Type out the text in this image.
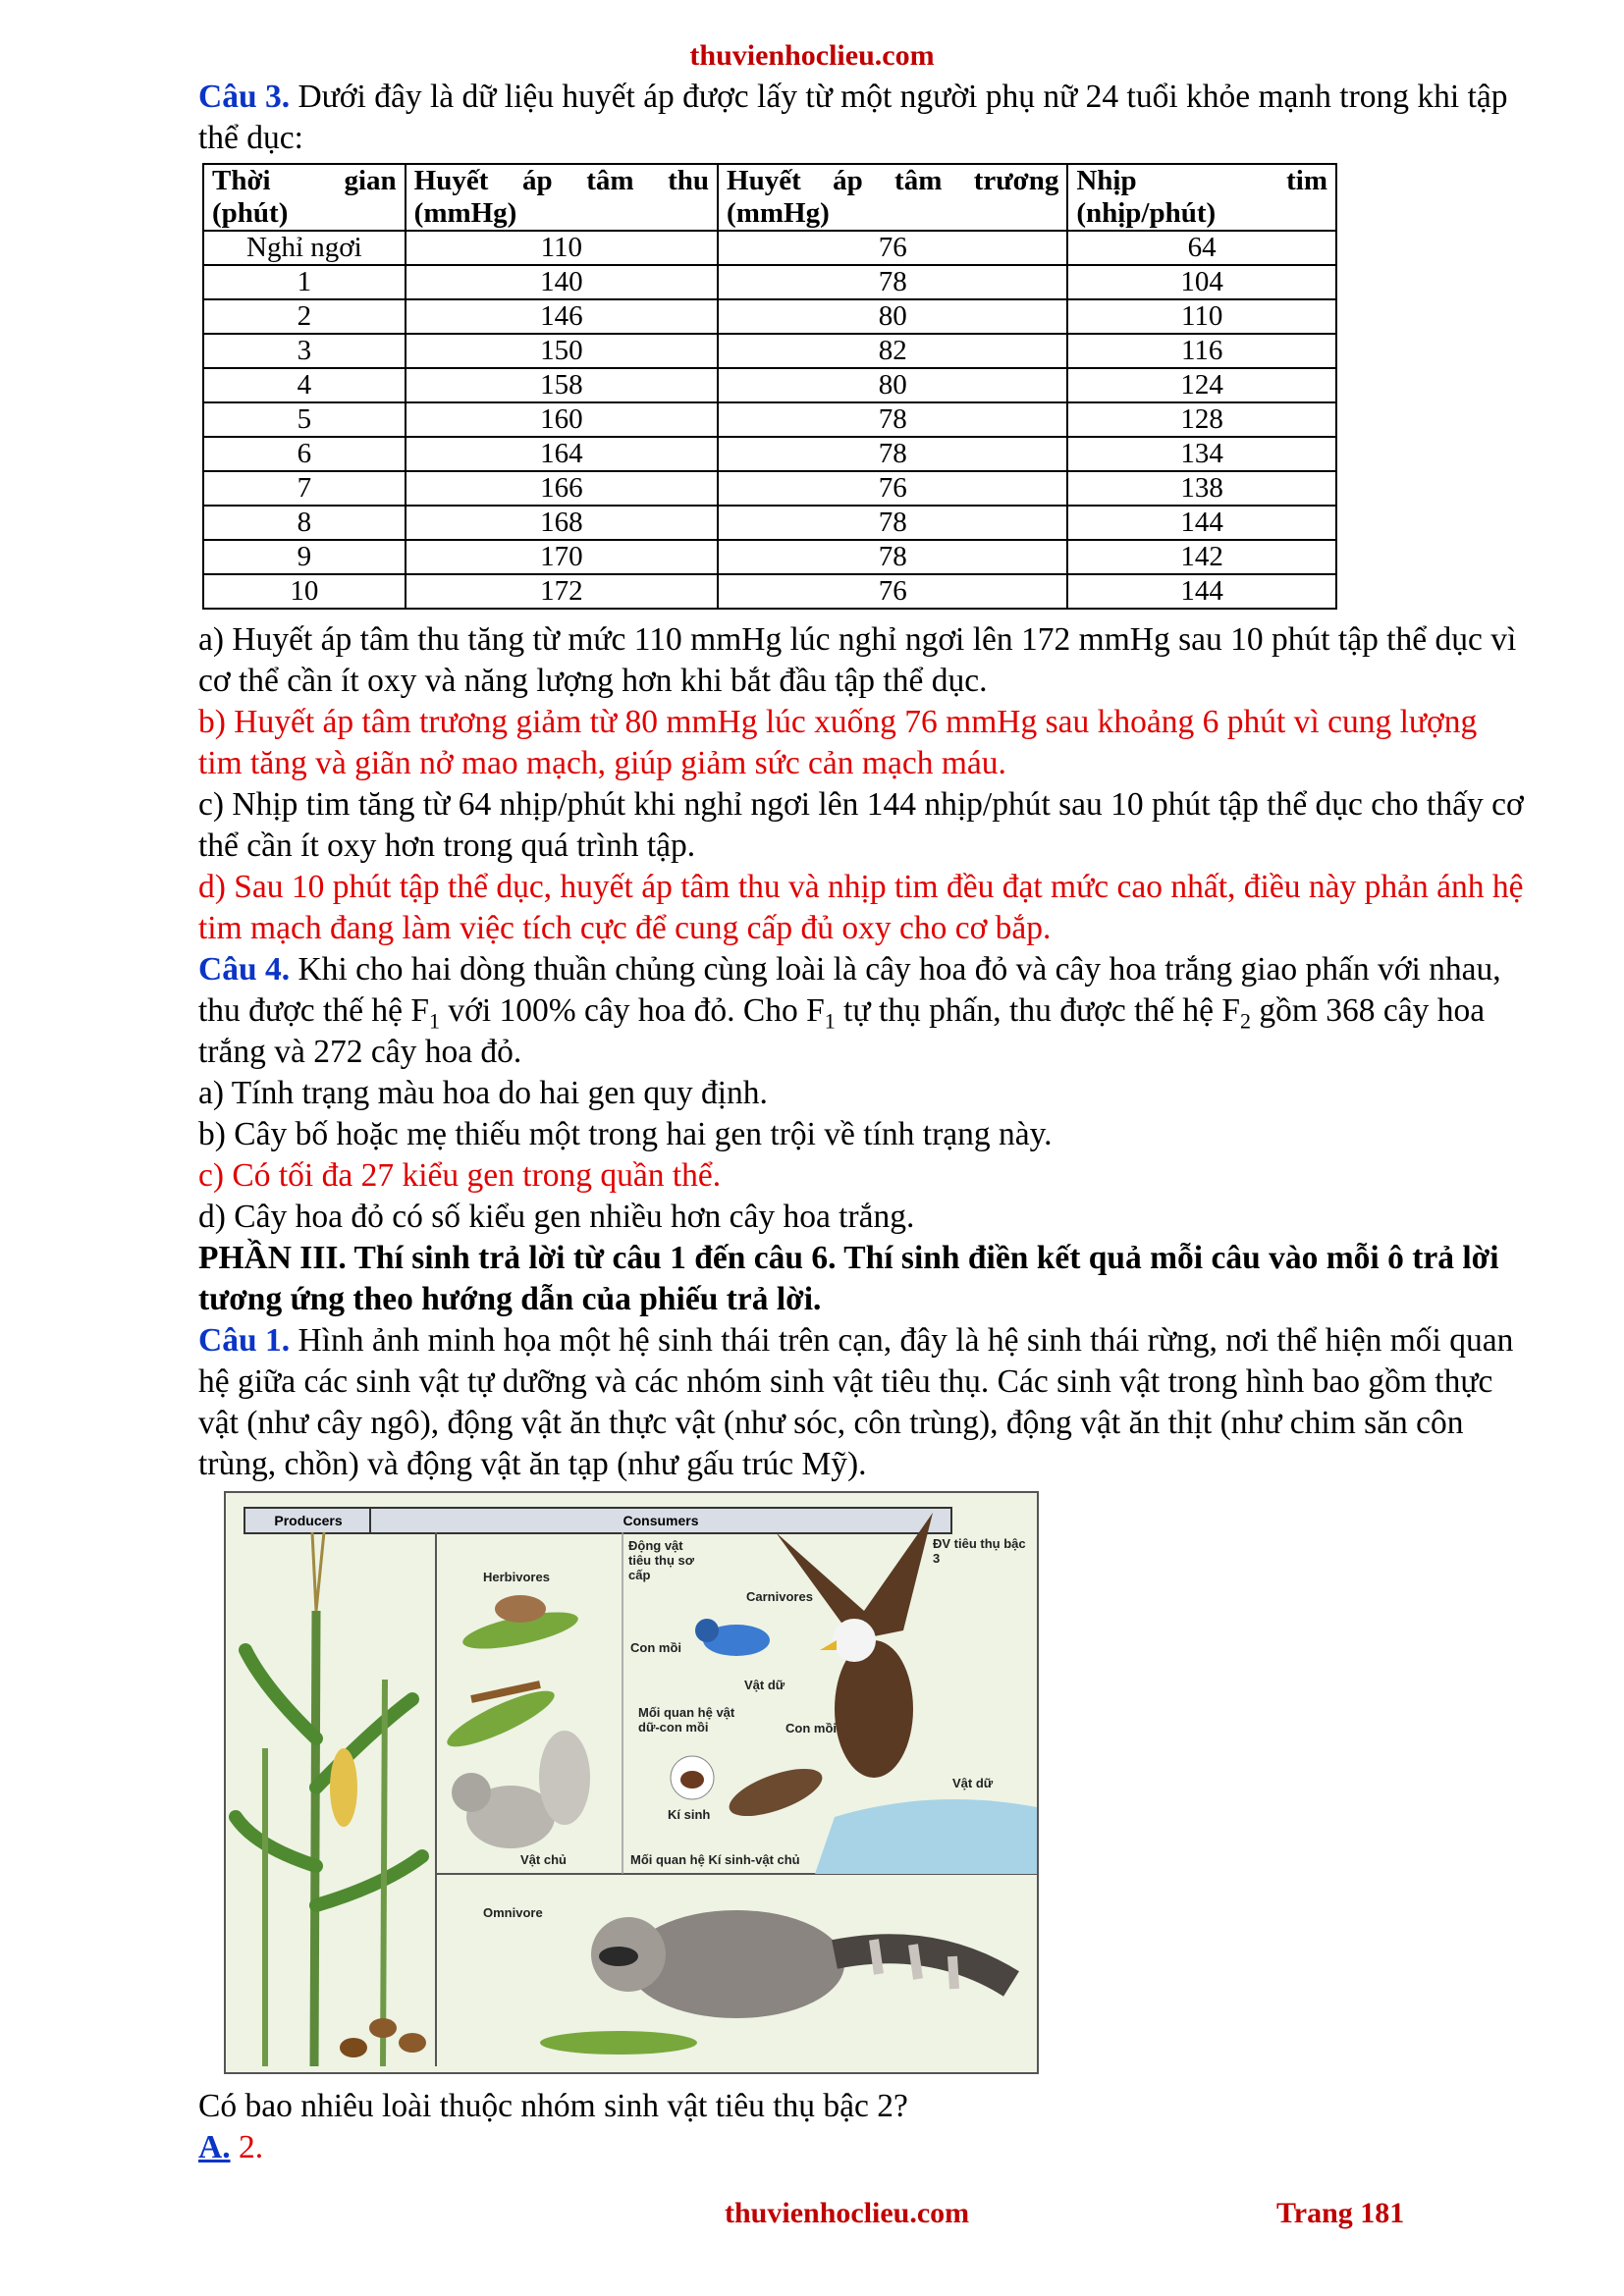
thuvienhoclieu.com

Câu 3. Dưới đây là dữ liệu huyết áp được lấy từ một người phụ nữ 24 tuổi khỏe mạnh trong khi tập thể dục:

Thời gian (phút)	Huyết áp tâm thu (mmHg)	Huyết áp tâm trương (mmHg)	Nhịp tim (nhịp/phút)
Nghỉ ngơi	110	76	64
1	140	78	104
2	146	80	110
3	150	82	116
4	158	80	124
5	160	78	128
6	164	78	134
7	166	76	138
8	168	78	144
9	170	78	142
10	172	76	144

a) Huyết áp tâm thu tăng từ mức 110 mmHg lúc nghỉ ngơi lên 172 mmHg sau 10 phút tập thể dục vì cơ thể cần ít oxy và năng lượng hơn khi bắt đầu tập thể dục.

b) Huyết áp tâm trương giảm từ 80 mmHg lúc xuống 76 mmHg sau khoảng 6 phút vì cung lượng tim tăng và giãn nở mao mạch, giúp giảm sức cản mạch máu.

c) Nhịp tim tăng từ 64 nhịp/phút khi nghỉ ngơi lên 144 nhịp/phút sau 10 phút tập thể dục cho thấy cơ thể cần ít oxy hơn trong quá trình tập.

d) Sau 10 phút tập thể dục, huyết áp tâm thu và nhịp tim đều đạt mức cao nhất, điều này phản ánh hệ tim mạch đang làm việc tích cực để cung cấp đủ oxy cho cơ bắp.

Câu 4. Khi cho hai dòng thuần chủng cùng loài là cây hoa đỏ và cây hoa trắng giao phấn với nhau, thu được thế hệ $F_1$ với 100% cây hoa đỏ. Cho $F_1$ tự thụ phấn, thu được thế hệ $F_2$ gồm 368 cây hoa trắng và 272 cây hoa đỏ.

a) Tính trạng màu hoa do hai gen quy định.

b) Cây bố hoặc mẹ thiếu một trong hai gen trội về tính trạng này.

c) Có tối đa 27 kiểu gen trong quần thể.

d) Cây hoa đỏ có số kiểu gen nhiều hơn cây hoa trắng.

PHẦN III. Thí sinh trả lời từ câu 1 đến câu 6. Thí sinh điền kết quả mỗi câu vào mỗi ô trả lời tương ứng theo hướng dẫn của phiếu trả lời.

Câu 1. Hình ảnh minh họa một hệ sinh thái trên cạn, đây là hệ sinh thái rừng, nơi thể hiện mối quan hệ giữa các sinh vật tự dưỡng và các nhóm sinh vật tiêu thụ. Các sinh vật trong hình bao gồm thực vật (như cây ngô), động vật ăn thực vật (như sóc, côn trùng), động vật ăn thịt (như chim săn côn trùng, chồn) và động vật ăn tạp (như gấu trúc Mỹ).

Producers	Consumers
Herbivores
Động vật tiêu thụ sơ cấp
Carnivores
ĐV tiêu thụ bậc 3
Con mồi
Vật dữ
Mối quan hệ vật dữ-con mồi	Con mồi
Vật dữ
Kí sinh
Vật chủ	Mối quan hệ Kí sinh-vật chủ
Omnivore

Có bao nhiêu loài thuộc nhóm sinh vật tiêu thụ bậc 2?

A. 2.

thuvienhoclieu.com	Trang 181
